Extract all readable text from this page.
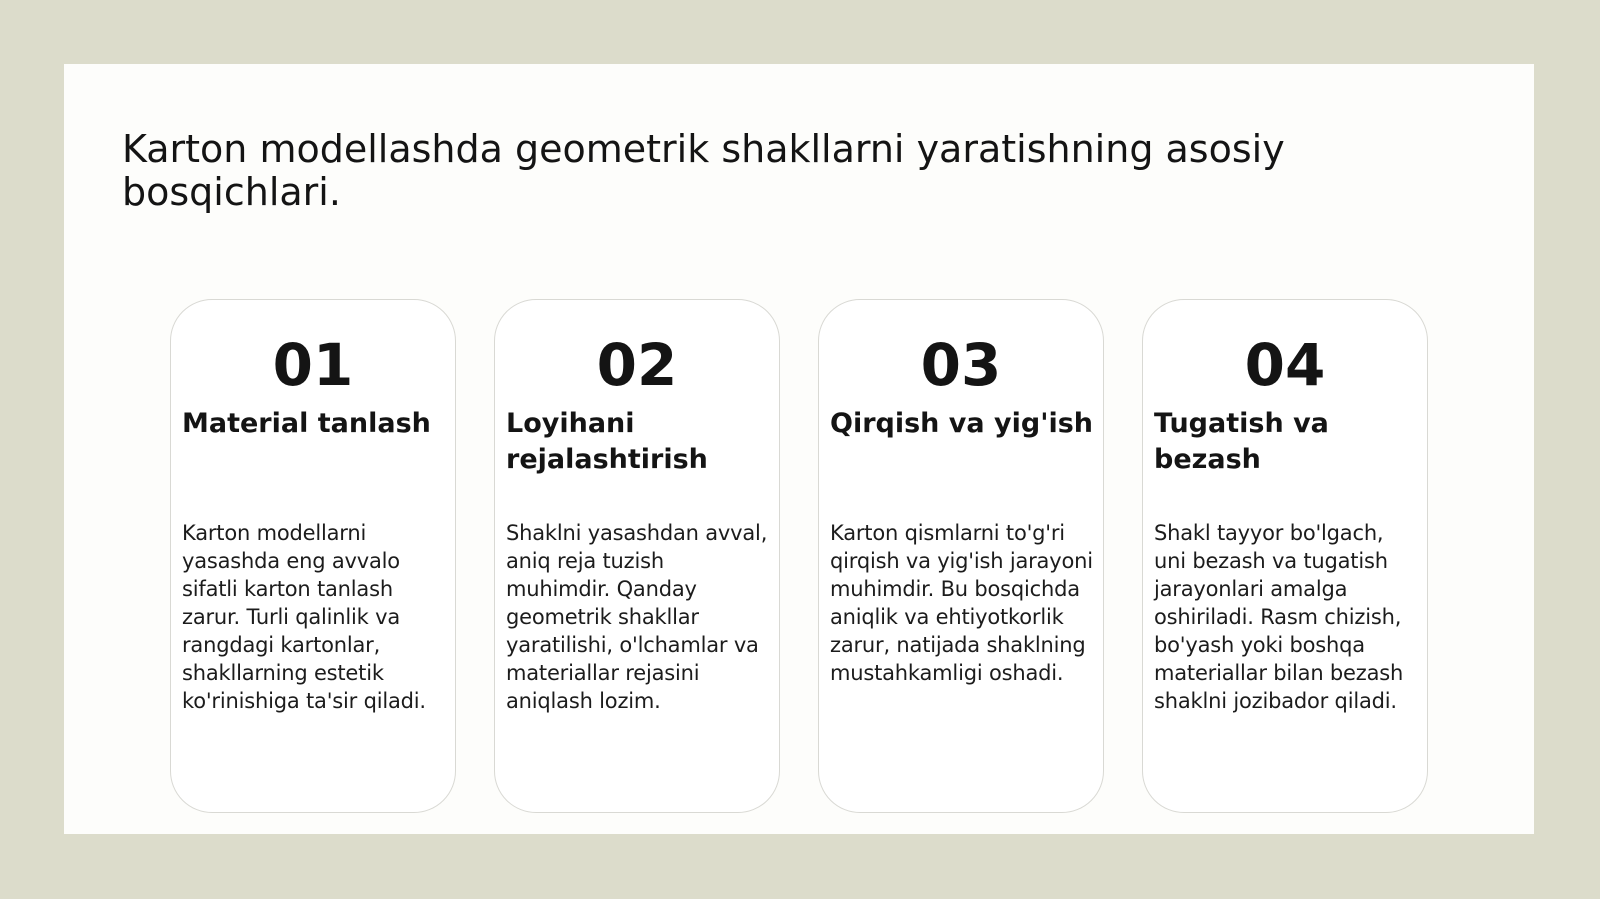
Karton modellashda geometrik shakllarni yaratishning asosiy bosqichlari.
01
Material tanlash
Karton modellarni yasashda eng avvalo sifatli karton tanlash zarur. Turli qalinlik va rangdagi kartonlar, shakllarning estetik ko'rinishiga ta'sir qiladi.
02
Loyihani rejalashtirish
Shaklni yasashdan avval, aniq reja tuzish muhimdir. Qanday geometrik shakllar yaratilishi, o'lchamlar va materiallar rejasini aniqlash lozim.
03
Qirqish va yig'ish
Karton qismlarni to'g'ri qirqish va yig'ish jarayoni muhimdir. Bu bosqichda aniqlik va ehtiyotkorlik zarur, natijada shaklning mustahkamligi oshadi.
04
Tugatish va bezash
Shakl tayyor bo'lgach, uni bezash va tugatish jarayonlari amalga oshiriladi. Rasm chizish, bo'yash yoki boshqa materiallar bilan bezash shaklni jozibador qiladi.
